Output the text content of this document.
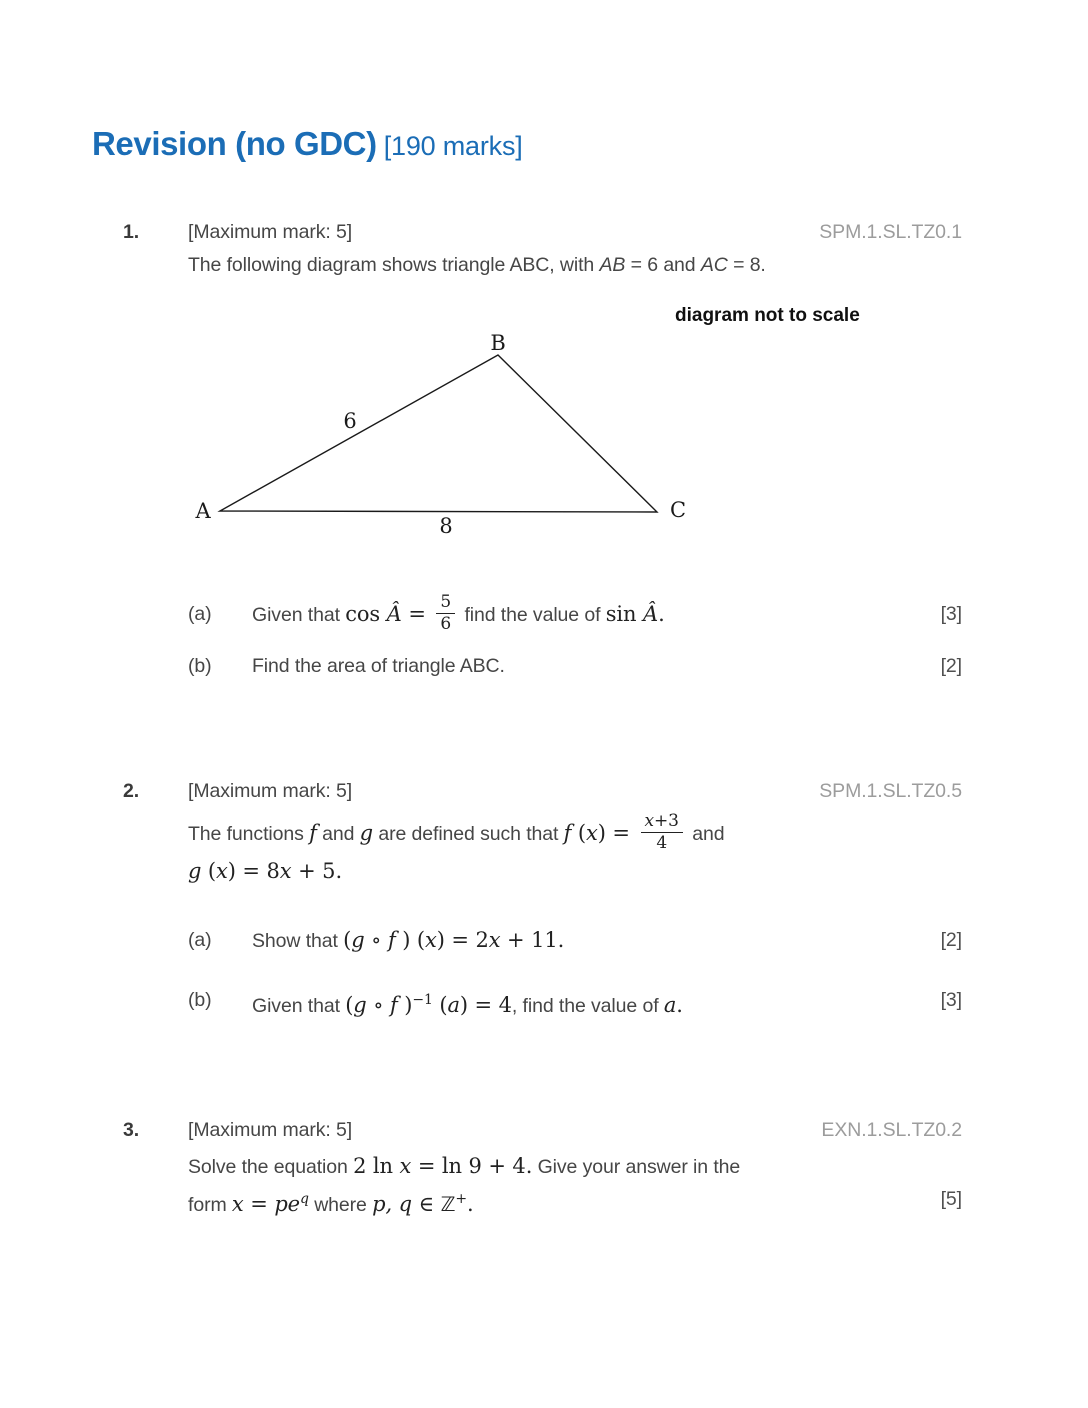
Revision (no GDC) [190 marks]
1.	[Maximum mark: 5]	SPM.1.SL.TZ0.1
The following diagram shows triangle ABC, with AB = 6 and AC = 8.
diagram not to scale
A
B
C
6
8
(a)	Given that cos Â = $\frac{5}{6}$ find the value of sin Â.	[3]
(b)	Find the area of triangle ABC.	[2]
2.	[Maximum mark: 5]	SPM.1.SL.TZ0.5
The functions f and g are defined such that f $(x) = \frac{x+3}{4}$ and
g (x) = 8x + 5.
(a)	Show that (g ∘ f ) (x) = 2x + 11.	[2]
(b)	Given that (g ∘ f )$^{-1}$ (a) = 4, find the value of a.	[3]
3.	[Maximum mark: 5]	EXN.1.SL.TZ0.2
Solve the equation 2 ln x = ln 9 + 4. Give your answer in the
form $x = pe^q$ where p, q ∈ ℤ+.	[5]
